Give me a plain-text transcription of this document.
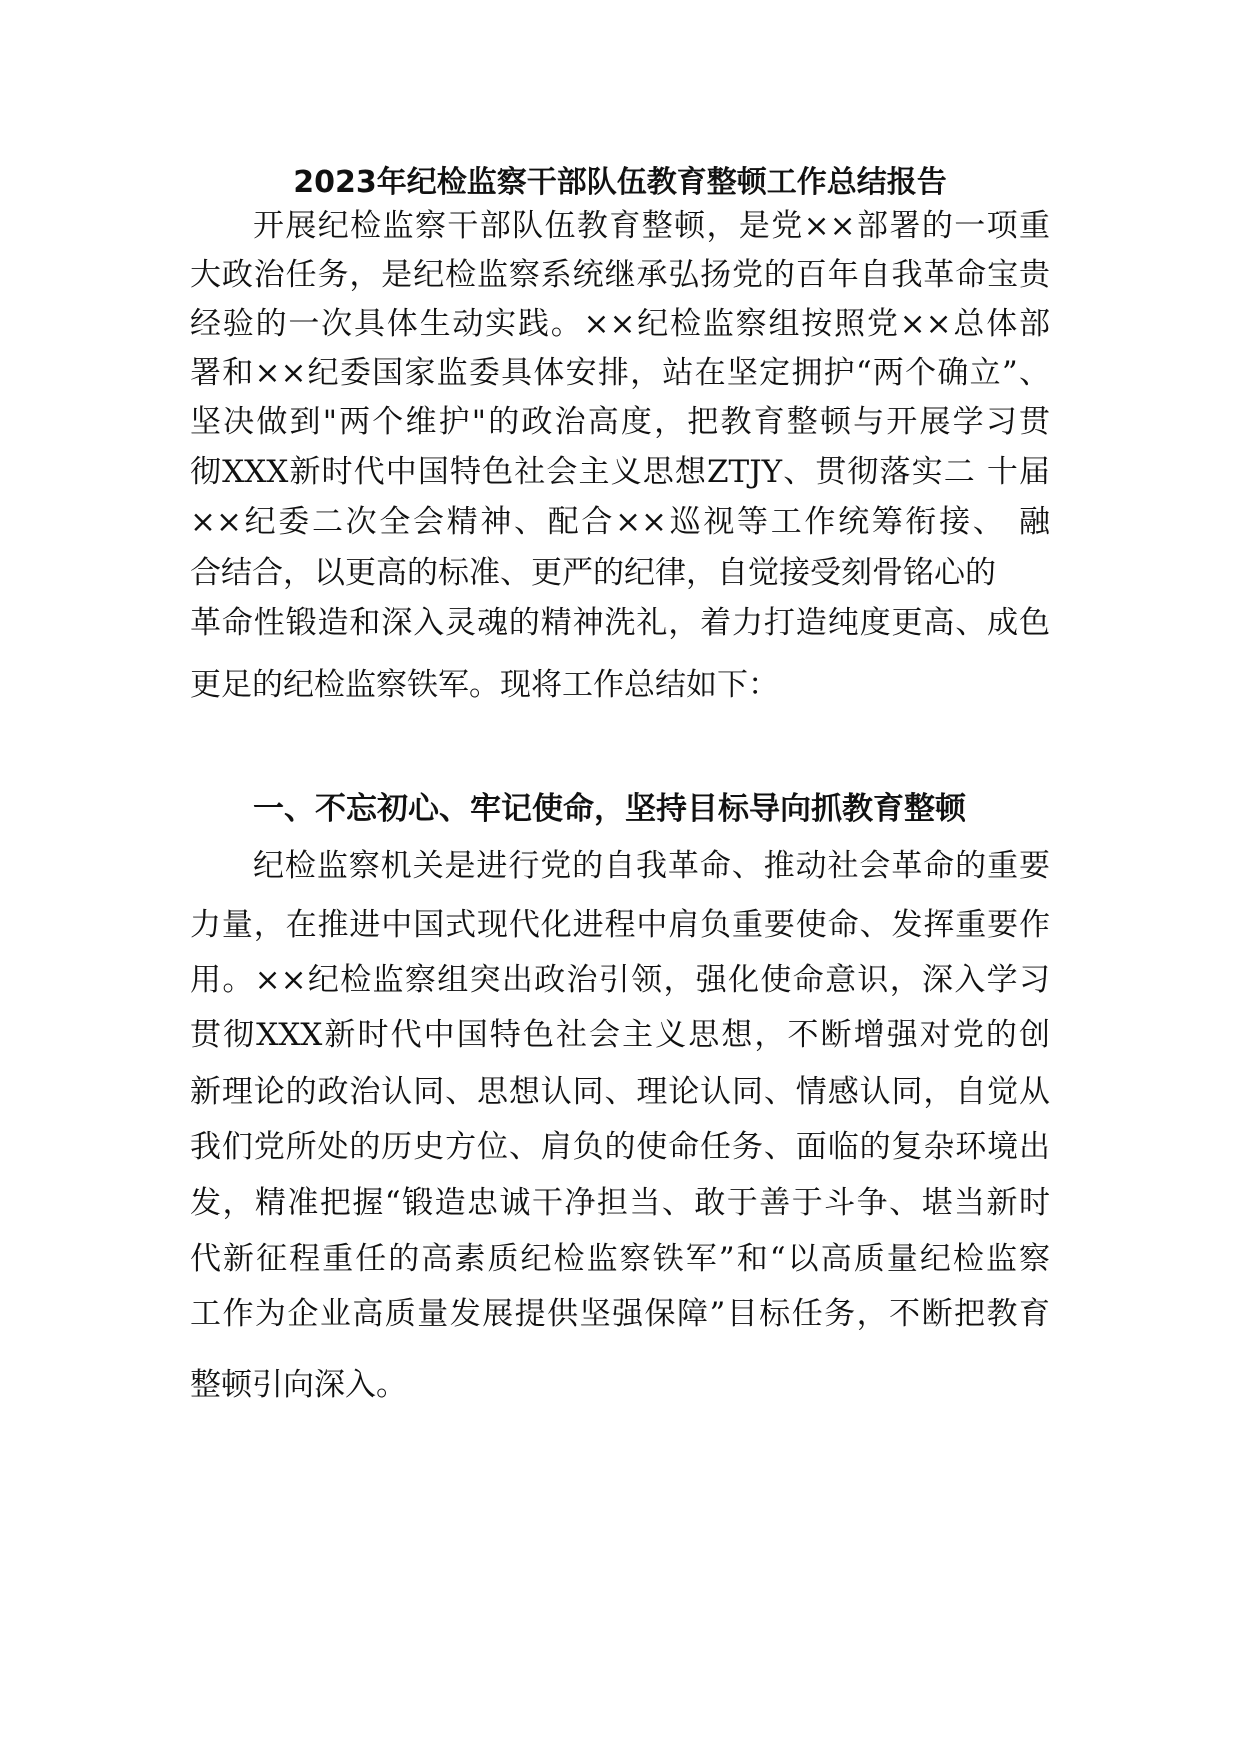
2023年纪检监察干部队伍教育整顿工作总结报告
开展纪检监察干部队伍教育整顿，是党××部署的一项重
大政治任务，是纪检监察系统继承弘扬党的百年自我革命宝贵
经验的一次具体生动实践。××纪检监察组按照党××总体部
署和××纪委国家监委具体安排，站在坚定拥护“两个确立”、
坚决做到"两个维护"的政治高度，把教育整顿与开展学习贯
彻XXX新时代中国特色社会主义思想ZTJY、贯彻落实二 十届
××纪委二次全会精神、配合××巡视等工作统筹衔接、 融
合结合，以更高的标准、更严的纪律，自觉接受刻骨铭心的
革命性锻造和深入灵魂的精神洗礼，着力打造纯度更高、成色
更足的纪检监察铁军。现将工作总结如下：
一、不忘初心、牢记使命，坚持目标导向抓教育整顿
纪检监察机关是进行党的自我革命、推动社会革命的重要
力量，在推进中国式现代化进程中肩负重要使命、发挥重要作
用。××纪检监察组突出政治引领，强化使命意识，深入学习
贯彻XXX新时代中国特色社会主义思想，不断增强对党的创
新理论的政治认同、思想认同、理论认同、情感认同，自觉从
我们党所处的历史方位、肩负的使命任务、面临的复杂环境出
发，精准把握“锻造忠诚干净担当、敢于善于斗争、堪当新时
代新征程重任的高素质纪检监察铁军”和“以高质量纪检监察
工作为企业高质量发展提供坚强保障”目标任务，不断把教育
整顿引向深入。
